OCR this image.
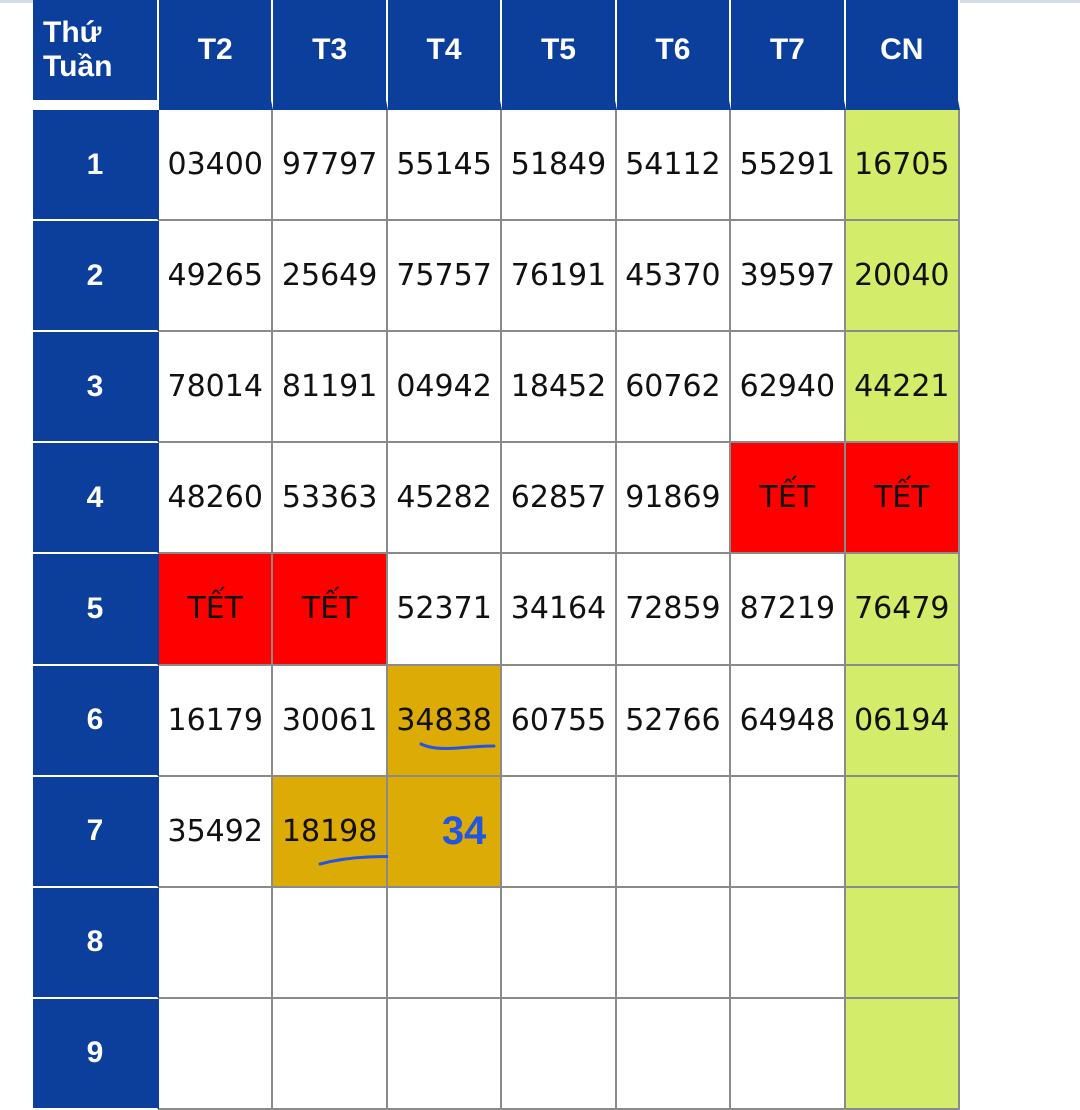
Thứ
Tuần
T2	T3	T4	T5	T6	T7	CN
1	03400 97797 55145 51849 54112 55291 16705
2	49265 25649 75757 76191 45370 39597 20040
3	78014 81191 04942 18452 60762 62940 44221
4	48260 53363 45282 62857 91869	TẾT	TẾT
5	TẾT	TẾT	52371 34164 72859 87219 76479
6	16179 30061 34838 60755 52766 64948 06194
7	35492 18198 34
8
9
